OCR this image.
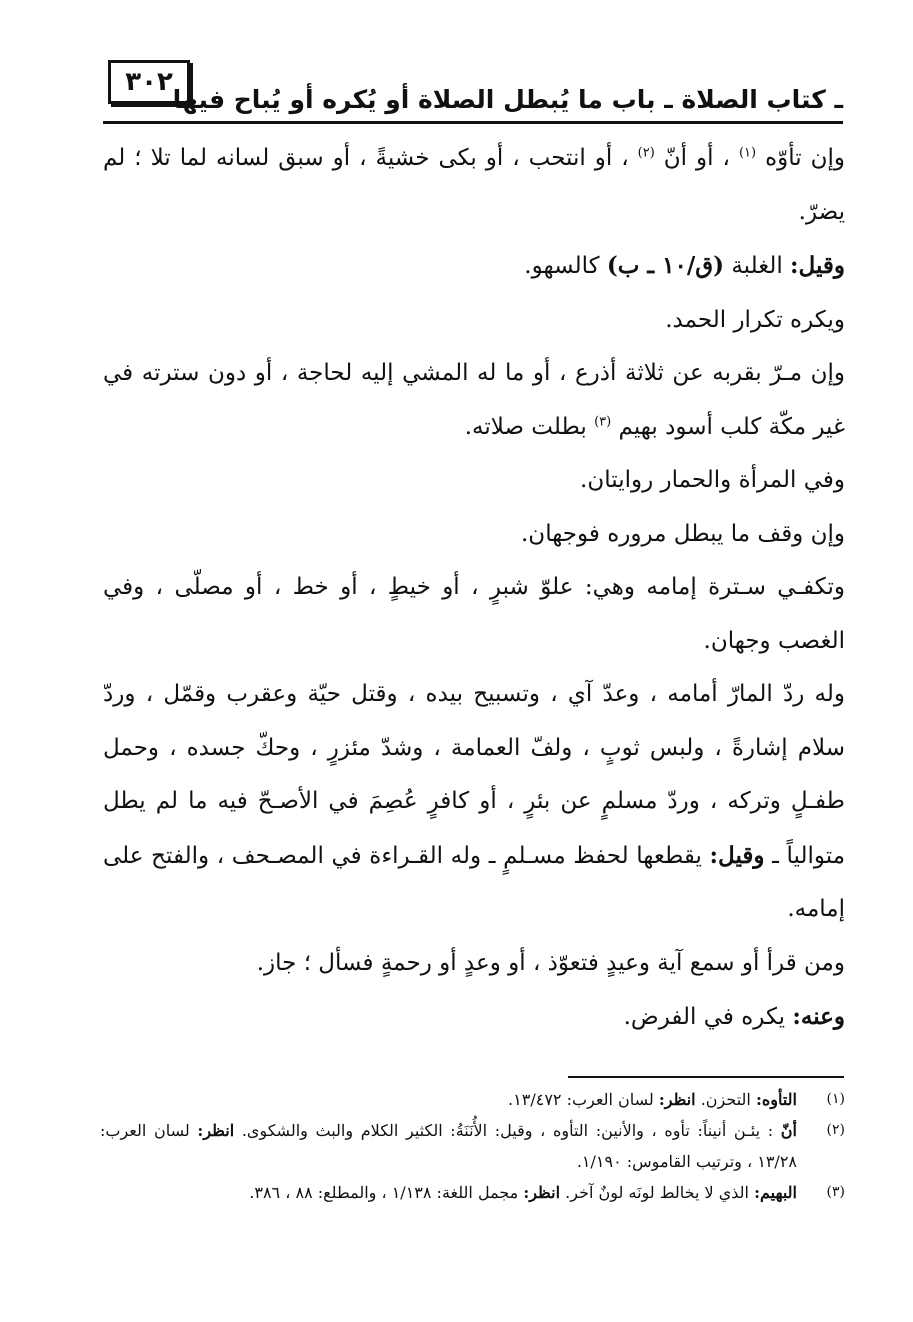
٣٠٢
ـ كتاب الصلاة ـ باب ما يُبطل الصلاة أو يُكره أو يُباح فيها

وإن تأوّه $^{(١)}$ ، أو أنّ $^{(٢)}$ ، أو انتحب ، أو بكى خشيةً ، أو سبق لسانه لما تلا ؛ لم يضرّ.

وقيل: الغلبة (ق/١٠ ـ ب) كالسهو.

ويكره تكرار الحمد.

وإن مـرّ بقربه عن ثلاثة أذرع ، أو ما له المشي إليه لحاجة ، أو دون سترته في غير مكّة كلب أسود بهيم $^{(٣)}$ بطلت صلاته.

وفي المرأة والحمار روايتان.

وإن وقف ما يبطل مروره فوجهان.

وتكفـي سـترة إمامه وهي: علوّ شبرٍ ، أو خيطٍ ، أو خط ، أو مصلّى ، وفي الغصب وجهان.

وله ردّ المارّ أمامه ، وعدّ آي ، وتسبيح بيده ، وقتل حيّة وعقرب وقمّل ، وردّ سلام إشارةً ، ولبس ثوبٍ ، ولفّ العمامة ، وشدّ مئزرٍ ، وحكّ جسده ، وحمل طفـلٍ وتركه ، وردّ مسلمٍ عن بئرٍ ، أو كافرٍ عُصِمَ في الأصـحّ فيه ما لم يطل متوالياً ـ وقيل: يقطعها لحفظ مسـلمٍ ـ وله القـراءة في المصـحف ، والفتح على إمامه.

ومن قرأ أو سمع آية وعيدٍ فتعوّذ ، أو وعدٍ أو رحمةٍ فسأل ؛ جاز.

وعنه: يكره في الفرض.

(١)
التأوه: التحزن. انظر: لسان العرب: ١٣/٤٧٢.
(٢)
أنّ : يئـن أنيناً: تأوه ، والأنين: التأوه ، وقيل: الأُنَنَةُ: الكثير الكلام والبث والشكوى. انظر: لسان العرب: ١٣/٢٨ ، وترتيب القاموس: ١/١٩٠.
(٣)
البهيم: الذي لا يخالط لونَه لونٌ آخر. انظر: مجمل اللغة: ١/١٣٨ ، والمطلع: ٨٨ ، ٣٨٦.
